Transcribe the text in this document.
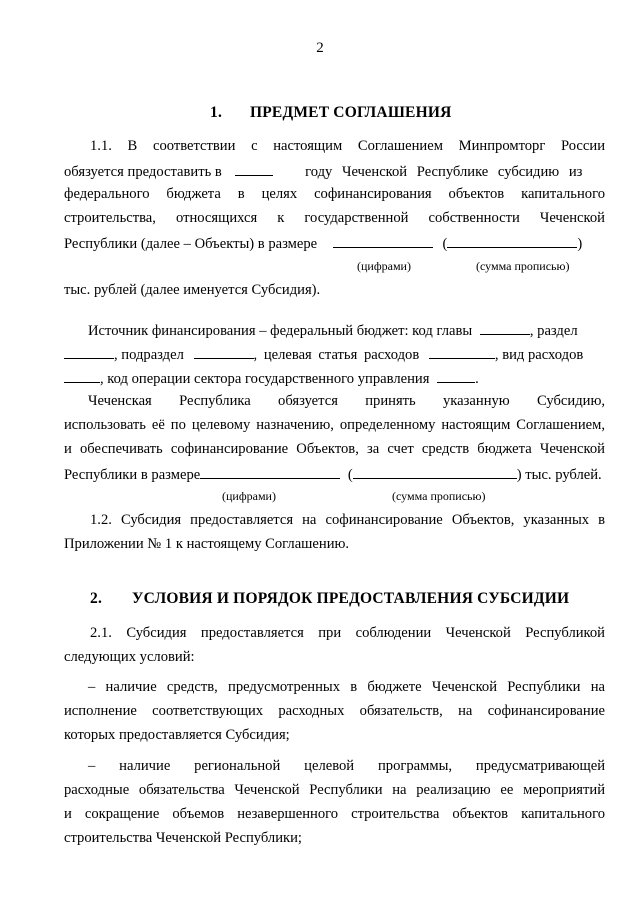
2
1. ПРЕДМЕТ СОГЛАШЕНИЯ
1.1. В соответствии с настоящим Соглашением Минпромторг России
обязуется предоставить в	году Чеченской Республике субсидию из
федерального бюджета в целях софинансирования объектов капитального
строительства, относящихся к государственной собственности Чеченской
Республики (далее – Объекты) в размере	(	)
(цифрами)	(сумма прописью)
тыс. рублей (далее именуется Субсидия).
Источник финансирования – федеральный бюджет: код главы	, раздел
, подраздел	, целевая статья расходов	, вид расходов
, код операции сектора государственного управления	.
Чеченская Республика обязуется принять указанную Субсидию,
использовать её по целевому назначению, определенному настоящим Соглашением,
и обеспечивать софинансирование Объектов, за счет средств бюджета Чеченской
Республики в размере	(	) тыс. рублей.
(цифрами)	(сумма прописью)
1.2. Субсидия предоставляется на софинансирование Объектов, указанных в
Приложении № 1 к настоящему Соглашению.
2. УСЛОВИЯ И ПОРЯДОК ПРЕДОСТАВЛЕНИЯ СУБСИДИИ
2.1. Субсидия предоставляется при соблюдении Чеченской Республикой
следующих условий:
– наличие средств, предусмотренных в бюджете Чеченской Республики на
исполнение соответствующих расходных обязательств, на софинансирование
которых предоставляется Субсидия;
– наличие региональной целевой программы, предусматривающей
расходные обязательства Чеченской Республики на реализацию ее мероприятий
и сокращение объемов незавершенного строительства объектов капитального
строительства Чеченской Республики;
